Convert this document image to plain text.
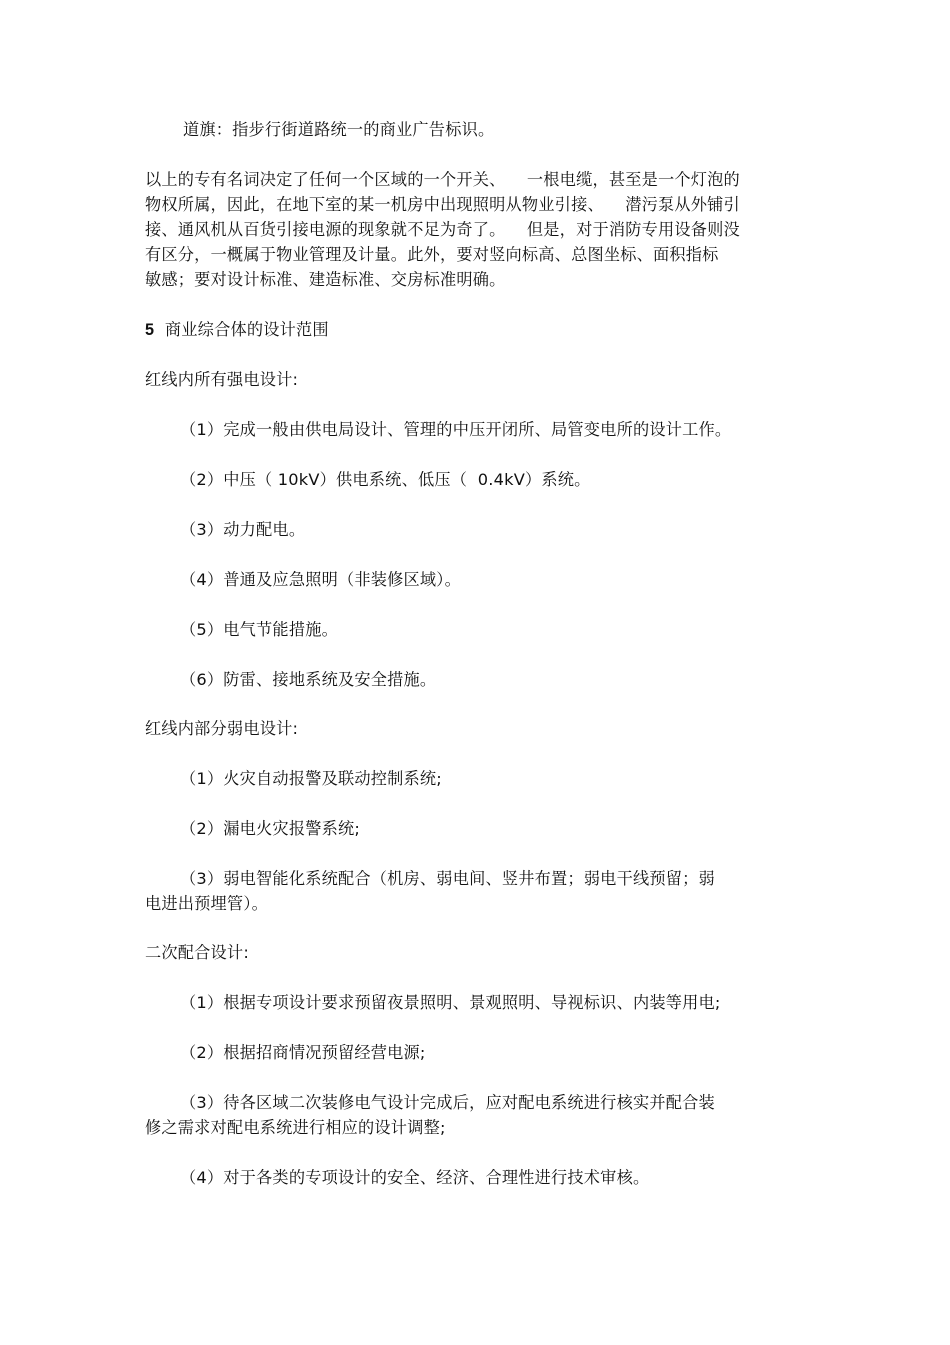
道旗：指步行街道路统一的商业广告标识。
以上的专有名词决定了任何一个区域的一个开关、    一根电缆，甚至是一个灯泡的
物权所属，因此，在地下室的某一机房中出现照明从物业引接、    潜污泵从外铺引
接、通风机从百货引接电源的现象就不足为奇了。    但是，对于消防专用设备则没
有区分，一概属于物业管理及计量。此外，要对竖向标高、总图坐标、面积指标
敏感；要对设计标准、建造标准、交房标准明确。
5 商业综合体的设计范围
红线内所有强电设计:
（1）完成一般由供电局设计、管理的中压开闭所、局管变电所的设计工作。
（2）中压（ 10kV）供电系统、低压（  0.4kV）系统。
（3）动力配电。
（4）普通及应急照明（非装修区域）。
（5）电气节能措施。
（6）防雷、接地系统及安全措施。
红线内部分弱电设计:
（1）火灾自动报警及联动控制系统;
（2）漏电火灾报警系统;
（3）弱电智能化系统配合（机房、弱电间、竖井布置；弱电干线预留；弱
电进出预埋管）。
二次配合设计:
（1）根据专项设计要求预留夜景照明、景观照明、导视标识、内装等用电;
（2）根据招商情况预留经营电源;
（3）待各区域二次装修电气设计完成后，应对配电系统进行核实并配合装
修之需求对配电系统进行相应的设计调整;
（4）对于各类的专项设计的安全、经济、合理性进行技术审核。
